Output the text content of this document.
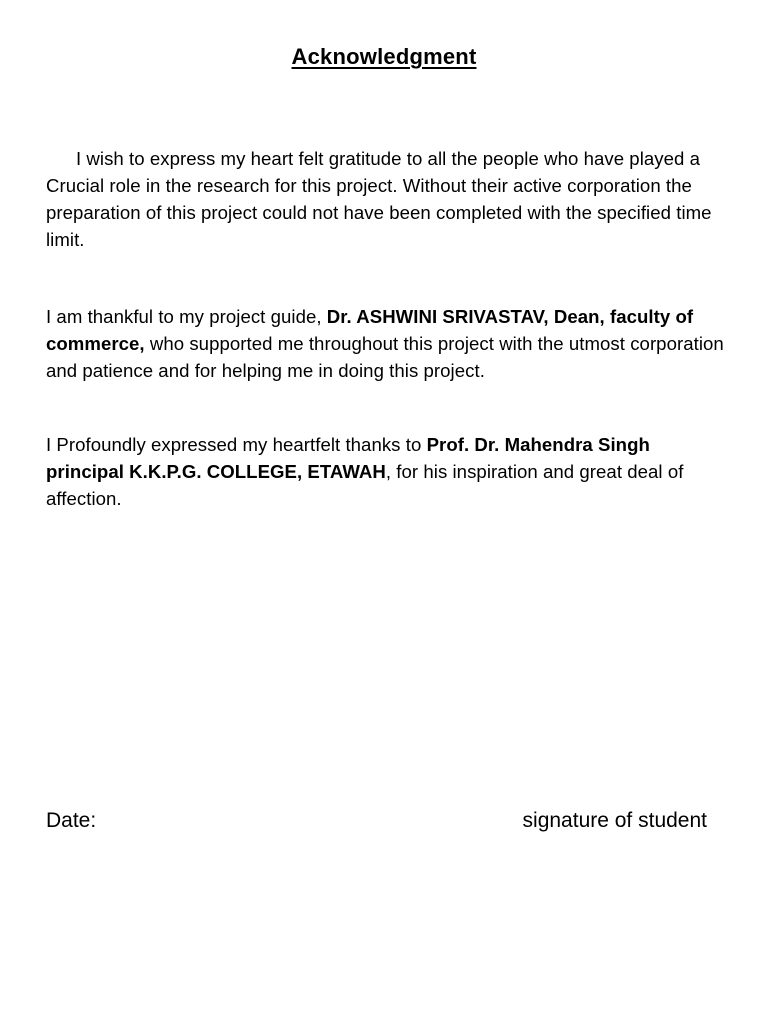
Acknowledgment

I wish to express my heart felt gratitude to all the people who have played a Crucial role in the research for this project. Without their active corporation the preparation of this project could not have been completed with the specified time limit.

I am thankful to my project guide, Dr. ASHWINI SRIVASTAV, Dean, faculty of commerce, who supported me throughout this project with the utmost corporation and patience and for helping me in doing this project.

I Profoundly expressed my heartfelt thanks to Prof. Dr. Mahendra Singh principal K.K.P.G. COLLEGE, ETAWAH, for his inspiration and great deal of affection.

Date:	signature of student
